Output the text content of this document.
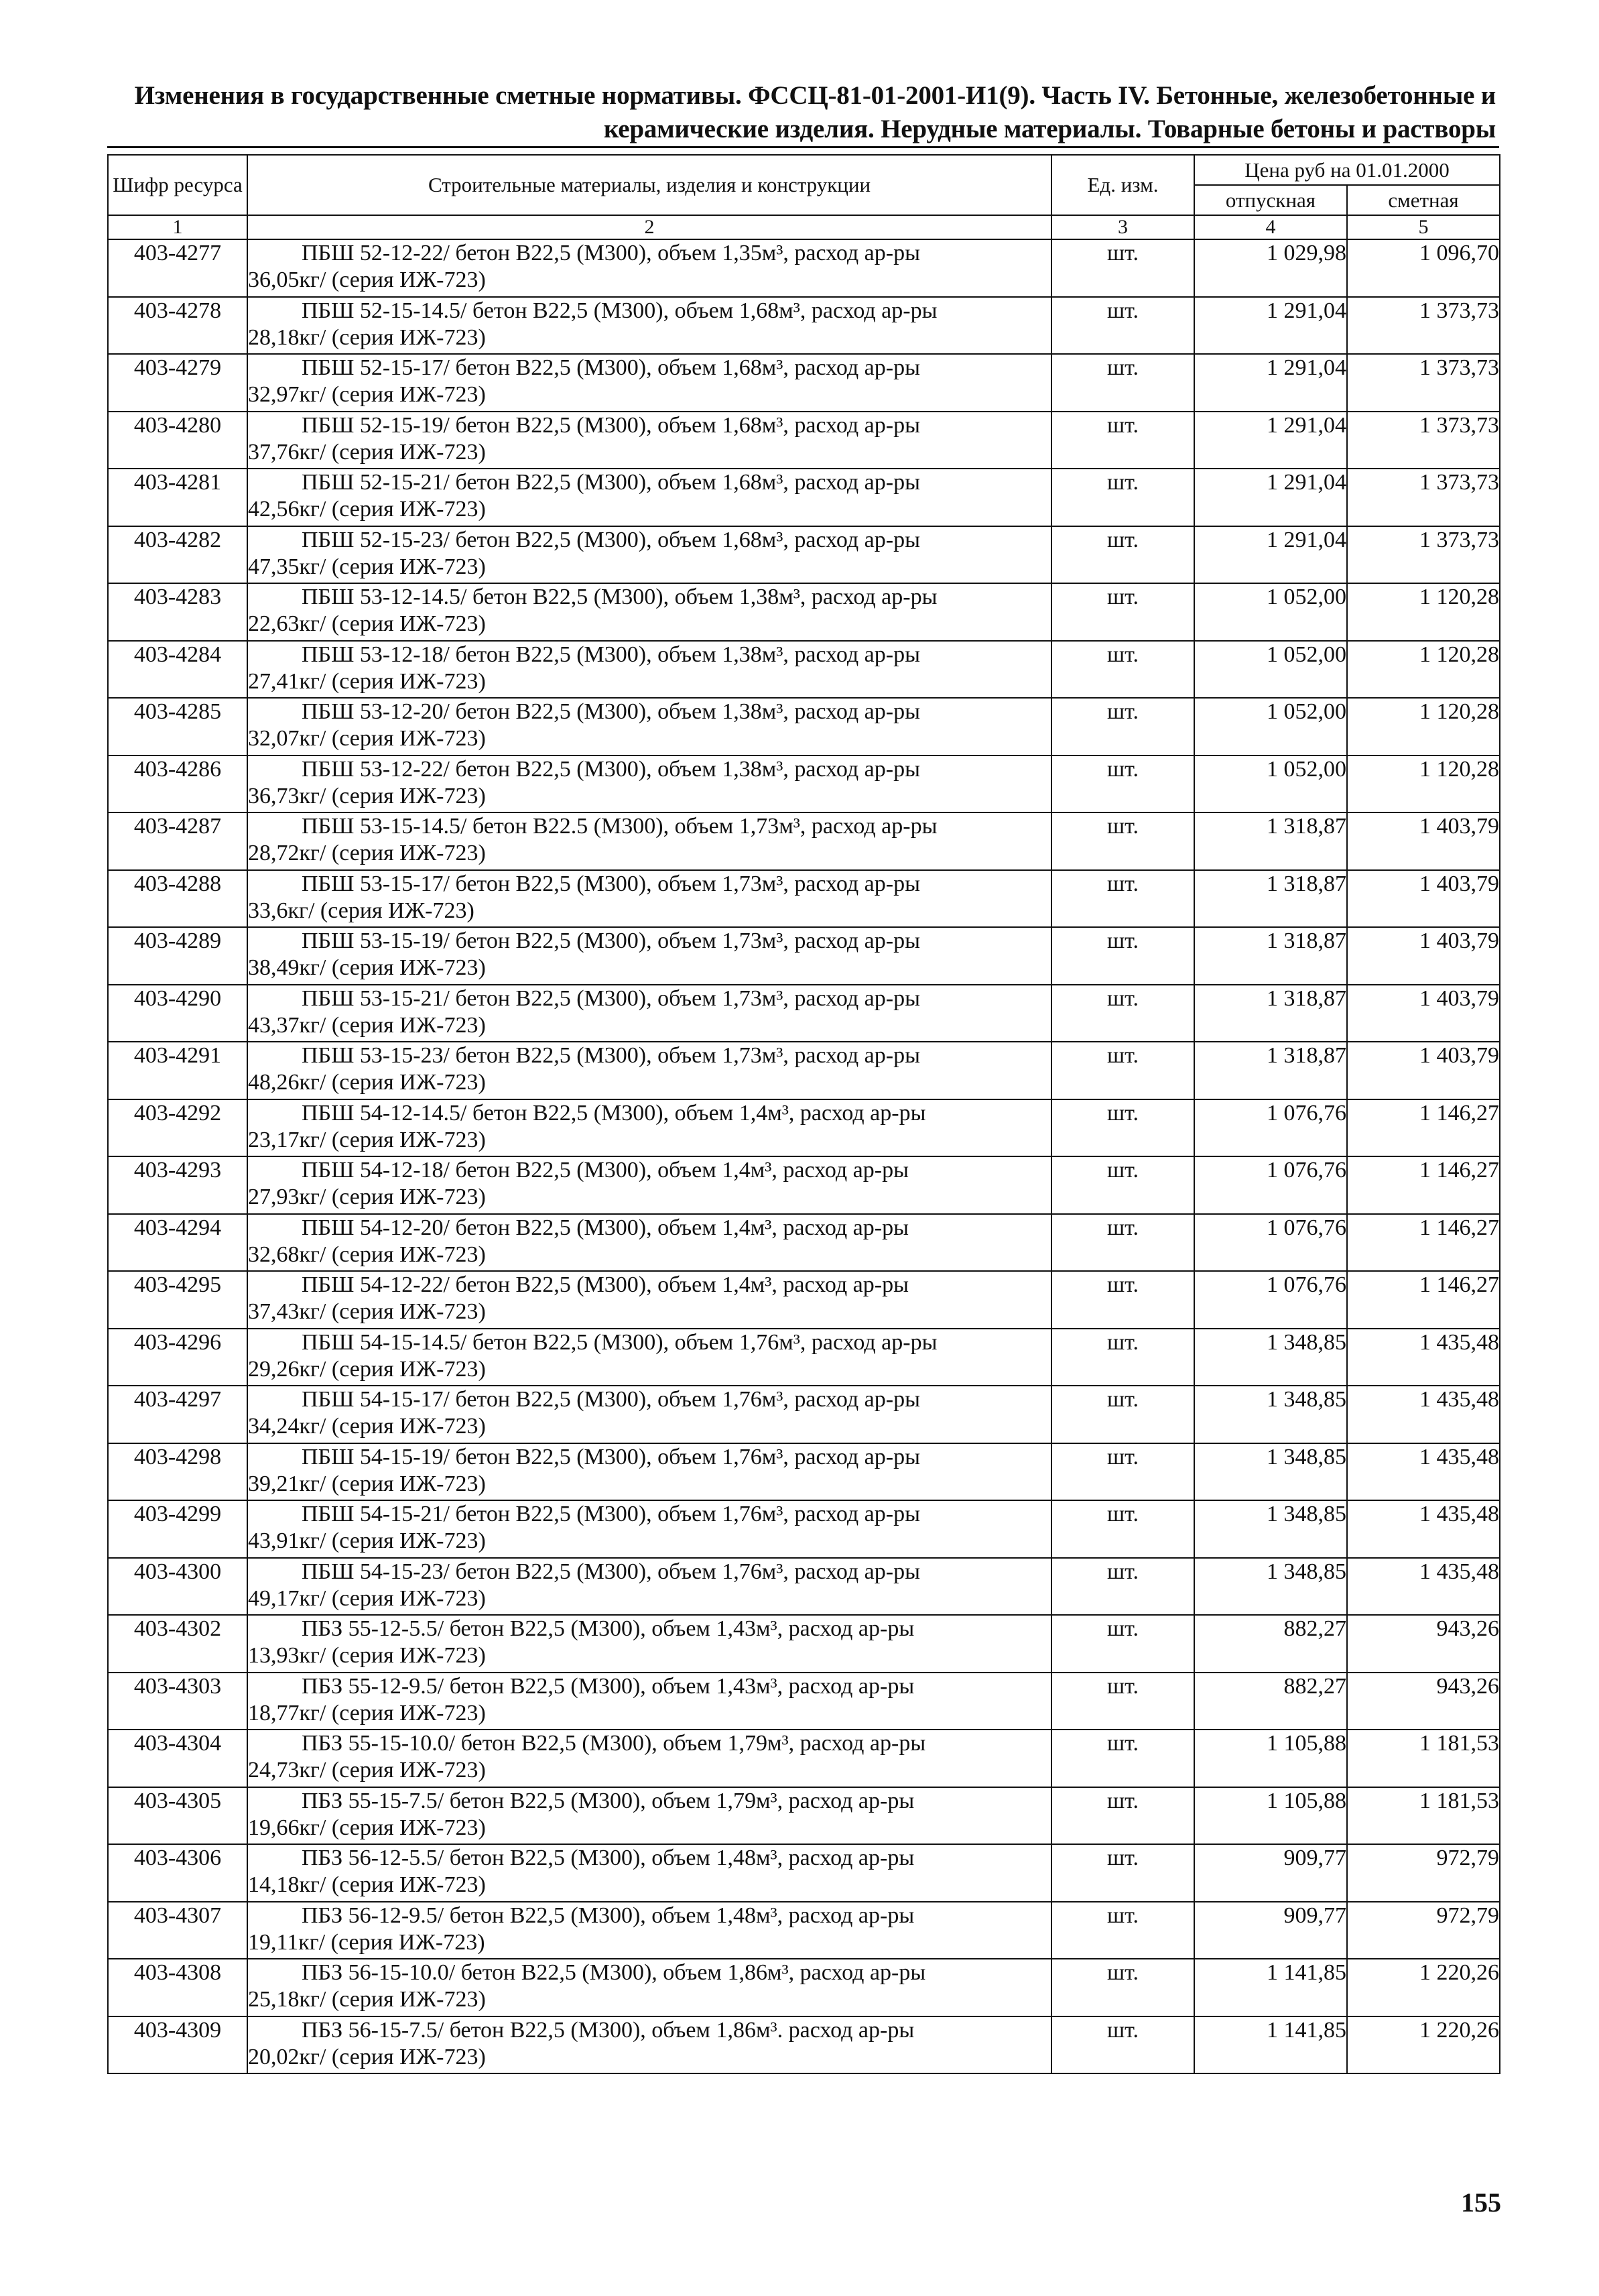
Изменения в государственные сметные нормативы. ФССЦ-81-01-2001-И1(9). Часть IV. Бетонные, железобетонные и
керамические изделия. Нерудные материалы. Товарные бетоны и растворы
Шифр ресурса	Строительные материалы, изделия и конструкции	Ед. изм.	Цена руб на 01.01.2000	
			отпускная	сметная
1	2	3	4	5
403-4277	ПБШ 52-12-22/ бетон В22,5 (М300), объем 1,35м³, расход ар-ры
36,05кг/ (серия ИЖ-723)	шт.	1 029,98	1 096,70
403-4278	ПБШ 52-15-14.5/ бетон В22,5 (М300), объем 1,68м³, расход ар-ры
28,18кг/ (серия ИЖ-723)	шт.	1 291,04	1 373,73
403-4279	ПБШ 52-15-17/ бетон В22,5 (М300), объем 1,68м³, расход ар-ры
32,97кг/ (серия ИЖ-723)	шт.	1 291,04	1 373,73
403-4280	ПБШ 52-15-19/ бетон В22,5 (М300), объем 1,68м³, расход ар-ры
37,76кг/ (серия ИЖ-723)	шт.	1 291,04	1 373,73
403-4281	ПБШ 52-15-21/ бетон В22,5 (М300), объем 1,68м³, расход ар-ры
42,56кг/ (серия ИЖ-723)	шт.	1 291,04	1 373,73
403-4282	ПБШ 52-15-23/ бетон В22,5 (М300), объем 1,68м³, расход ар-ры
47,35кг/ (серия ИЖ-723)	шт.	1 291,04	1 373,73
403-4283	ПБШ 53-12-14.5/ бетон В22,5 (М300), объем 1,38м³, расход ар-ры
22,63кг/ (серия ИЖ-723)	шт.	1 052,00	1 120,28
403-4284	ПБШ 53-12-18/ бетон В22,5 (М300), объем 1,38м³, расход ар-ры
27,41кг/ (серия ИЖ-723)	шт.	1 052,00	1 120,28
403-4285	ПБШ 53-12-20/ бетон В22,5 (М300), объем 1,38м³, расход ар-ры
32,07кг/ (серия ИЖ-723)	шт.	1 052,00	1 120,28
403-4286	ПБШ 53-12-22/ бетон В22,5 (М300), объем 1,38м³, расход ар-ры
36,73кг/ (серия ИЖ-723)	шт.	1 052,00	1 120,28
403-4287	ПБШ 53-15-14.5/ бетон В22.5 (М300), объем 1,73м³, расход ар-ры
28,72кг/ (серия ИЖ-723)	шт.	1 318,87	1 403,79
403-4288	ПБШ 53-15-17/ бетон В22,5 (М300), объем 1,73м³, расход ар-ры
33,6кг/ (серия ИЖ-723)	шт.	1 318,87	1 403,79
403-4289	ПБШ 53-15-19/ бетон В22,5 (М300), объем 1,73м³, расход ар-ры
38,49кг/ (серия ИЖ-723)	шт.	1 318,87	1 403,79
403-4290	ПБШ 53-15-21/ бетон В22,5 (М300), объем 1,73м³, расход ар-ры
43,37кг/ (серия ИЖ-723)	шт.	1 318,87	1 403,79
403-4291	ПБШ 53-15-23/ бетон В22,5 (М300), объем 1,73м³, расход ар-ры
48,26кг/ (серия ИЖ-723)	шт.	1 318,87	1 403,79
403-4292	ПБШ 54-12-14.5/ бетон В22,5 (М300), объем 1,4м³, расход ар-ры
23,17кг/ (серия ИЖ-723)	шт.	1 076,76	1 146,27
403-4293	ПБШ 54-12-18/ бетон В22,5 (М300), объем 1,4м³, расход ар-ры
27,93кг/ (серия ИЖ-723)	шт.	1 076,76	1 146,27
403-4294	ПБШ 54-12-20/ бетон В22,5 (М300), объем 1,4м³, расход ар-ры
32,68кг/ (серия ИЖ-723)	шт.	1 076,76	1 146,27
403-4295	ПБШ 54-12-22/ бетон В22,5 (М300), объем 1,4м³, расход ар-ры
37,43кг/ (серия ИЖ-723)	шт.	1 076,76	1 146,27
403-4296	ПБШ 54-15-14.5/ бетон В22,5 (М300), объем 1,76м³, расход ар-ры
29,26кг/ (серия ИЖ-723)	шт.	1 348,85	1 435,48
403-4297	ПБШ 54-15-17/ бетон В22,5 (М300), объем 1,76м³, расход ар-ры
34,24кг/ (серия ИЖ-723)	шт.	1 348,85	1 435,48
403-4298	ПБШ 54-15-19/ бетон В22,5 (М300), объем 1,76м³, расход ар-ры
39,21кг/ (серия ИЖ-723)	шт.	1 348,85	1 435,48
403-4299	ПБШ 54-15-21/ бетон В22,5 (М300), объем 1,76м³, расход ар-ры
43,91кг/ (серия ИЖ-723)	шт.	1 348,85	1 435,48
403-4300	ПБШ 54-15-23/ бетон В22,5 (М300), объем 1,76м³, расход ар-ры
49,17кг/ (серия ИЖ-723)	шт.	1 348,85	1 435,48
403-4302	ПБЗ 55-12-5.5/ бетон В22,5 (М300), объем 1,43м³, расход ар-ры
13,93кг/ (серия ИЖ-723)	шт.	882,27	943,26
403-4303	ПБЗ 55-12-9.5/ бетон В22,5 (М300), объем 1,43м³, расход ар-ры
18,77кг/ (серия ИЖ-723)	шт.	882,27	943,26
403-4304	ПБЗ 55-15-10.0/ бетон В22,5 (М300), объем 1,79м³, расход ар-ры
24,73кг/ (серия ИЖ-723)	шт.	1 105,88	1 181,53
403-4305	ПБЗ 55-15-7.5/ бетон В22,5 (М300), объем 1,79м³, расход ар-ры
19,66кг/ (серия ИЖ-723)	шт.	1 105,88	1 181,53
403-4306	ПБЗ 56-12-5.5/ бетон В22,5 (М300), объем 1,48м³, расход ар-ры
14,18кг/ (серия ИЖ-723)	шт.	909,77	972,79
403-4307	ПБЗ 56-12-9.5/ бетон В22,5 (М300), объем 1,48м³, расход ар-ры
19,11кг/ (серия ИЖ-723)	шт.	909,77	972,79
403-4308	ПБЗ 56-15-10.0/ бетон В22,5 (М300), объем 1,86м³, расход ар-ры
25,18кг/ (серия ИЖ-723)	шт.	1 141,85	1 220,26
403-4309	ПБЗ 56-15-7.5/ бетон В22,5 (М300), объем 1,86м³. расход ар-ры
20,02кг/ (серия ИЖ-723)	шт.	1 141,85	1 220,26
155
